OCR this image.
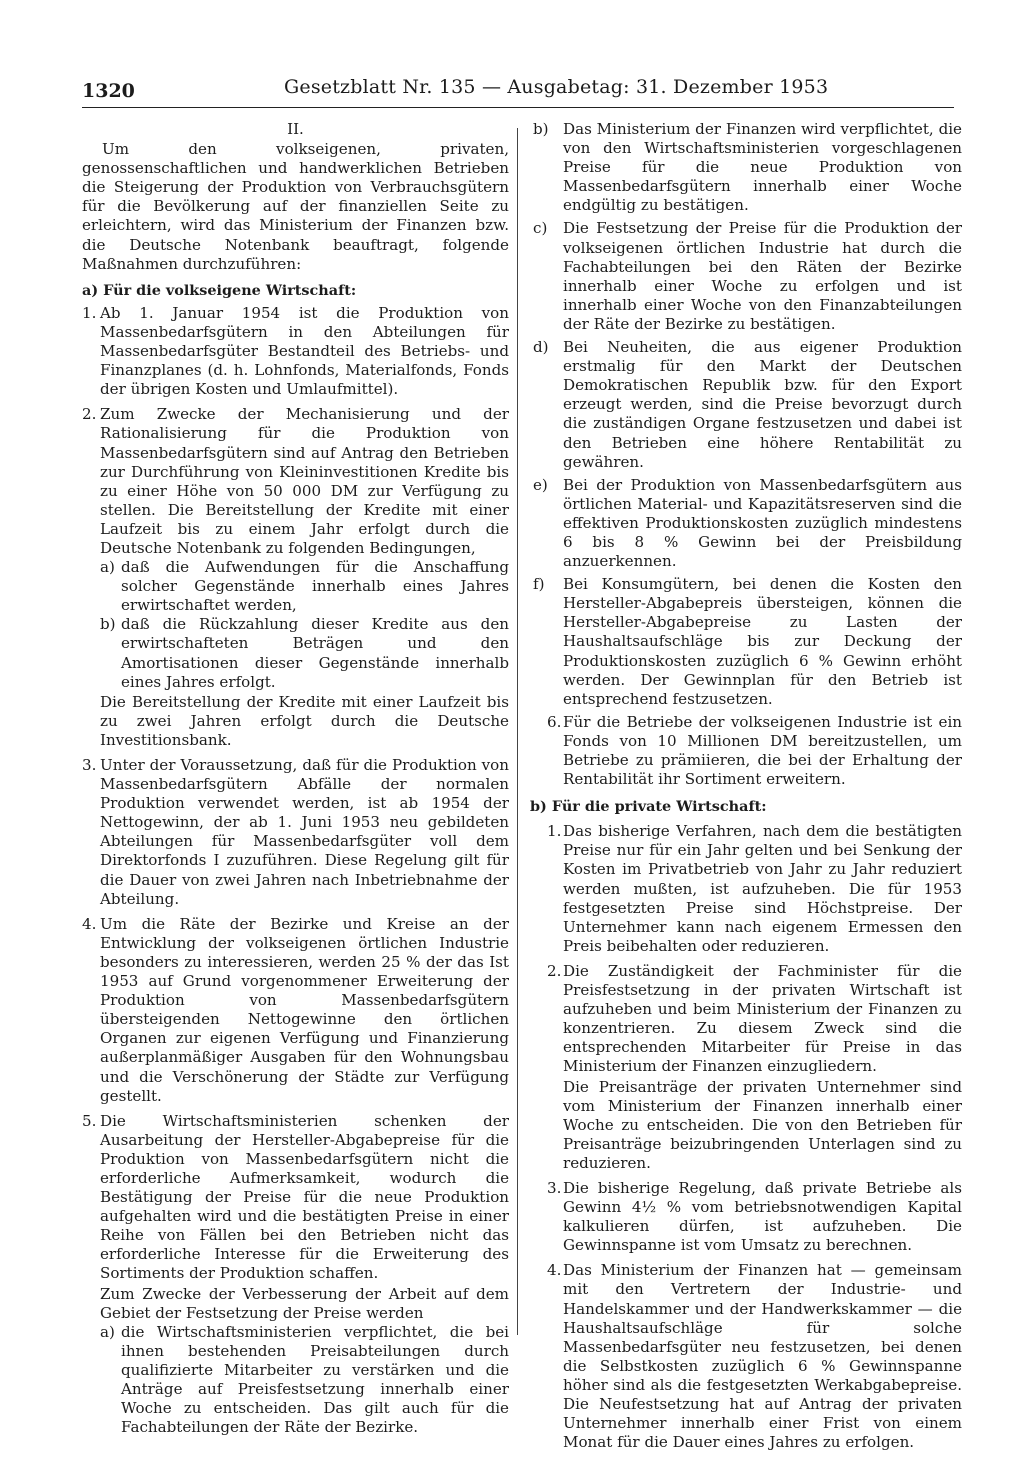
1320	Gesetzblatt Nr. 135 — Ausgabetag: 31. Dezember 1953

II.

Um den volkseigenen, privaten, genossenschaftlichen und handwerklichen Betrieben die Steigerung der Produktion von Verbrauchsgütern für die Bevölkerung auf der finanziellen Seite zu erleichtern, wird das Ministerium der Finanzen bzw. die Deutsche Notenbank beauftragt, folgende Maßnahmen durchzuführen:

a) Für die volkseigene Wirtschaft:

1. Ab 1. Januar 1954 ist die Produktion von Massenbedarfsgütern in den Abteilungen für Massenbedarfsgüter Bestandteil des Betriebs- und Finanzplanes (d. h. Lohnfonds, Materialfonds, Fonds der übrigen Kosten und Umlaufmittel).

2. Zum Zwecke der Mechanisierung und der Rationalisierung für die Produktion von Massenbedarfsgütern sind auf Antrag den Betrieben zur Durchführung von Kleininvestitionen Kredite bis zu einer Höhe von 50 000 DM zur Verfügung zu stellen. Die Bereitstellung der Kredite mit einer Laufzeit bis zu einem Jahr erfolgt durch die Deutsche Notenbank zu folgenden Bedingungen,

a) daß die Aufwendungen für die Anschaffung solcher Gegenstände innerhalb eines Jahres erwirtschaftet werden,
b) daß die Rückzahlung dieser Kredite aus den erwirtschafteten Beträgen und den Amortisationen dieser Gegenstände innerhalb eines Jahres erfolgt.

Die Bereitstellung der Kredite mit einer Laufzeit bis zu zwei Jahren erfolgt durch die Deutsche Investitionsbank.

3. Unter der Voraussetzung, daß für die Produktion von Massenbedarfsgütern Abfälle der normalen Produktion verwendet werden, ist ab 1954 der Nettogewinn, der ab 1. Juni 1953 neu gebildeten Abteilungen für Massenbedarfsgüter voll dem Direktorfonds I zuzuführen. Diese Regelung gilt für die Dauer von zwei Jahren nach Inbetriebnahme der Abteilung.

4. Um die Räte der Bezirke und Kreise an der Entwicklung der volkseigenen örtlichen Industrie besonders zu interessieren, werden 25 % der das Ist 1953 auf Grund vorgenommener Erweiterung der Produktion von Massenbedarfsgütern übersteigenden Nettogewinne den örtlichen Organen zur eigenen Verfügung und Finanzierung außerplanmäßiger Ausgaben für den Wohnungsbau und die Verschönerung der Städte zur Verfügung gestellt.

5. Die Wirtschaftsministerien schenken der Ausarbeitung der Hersteller-Abgabepreise für die Produktion von Massenbedarfsgütern nicht die erforderliche Aufmerksamkeit, wodurch die Bestätigung der Preise für die neue Produktion aufgehalten wird und die bestätigten Preise in einer Reihe von Fällen bei den Betrieben nicht das erforderliche Interesse für die Erweiterung des Sortiments der Produktion schaffen.

Zum Zwecke der Verbesserung der Arbeit auf dem Gebiet der Festsetzung der Preise werden

a) die Wirtschaftsministerien verpflichtet, die bei ihnen bestehenden Preisabteilungen durch qualifizierte Mitarbeiter zu verstärken und die Anträge auf Preisfestsetzung innerhalb einer Woche zu entscheiden. Das gilt auch für die Fachabteilungen der Räte der Bezirke.
b) Das Ministerium der Finanzen wird verpflichtet, die von den Wirtschaftsministerien vorgeschlagenen Preise für die neue Produktion von Massenbedarfsgütern innerhalb einer Woche endgültig zu bestätigen.
c)	Die Festsetzung der Preise für die Produktion der volkseigenen örtlichen Industrie hat durch die Fachabteilungen bei den Räten der Bezirke innerhalb einer Woche zu erfolgen und ist innerhalb einer Woche von den Finanzabteilungen der Räte der Bezirke zu bestätigen.
d) Bei Neuheiten, die aus eigener Produktion erstmalig für den Markt der Deutschen Demokratischen Republik bzw. für den Export erzeugt werden, sind die Preise bevorzugt durch die zuständigen Organe festzusetzen und dabei ist den Betrieben eine höhere Rentabilität zu gewähren.
e)	Bei der Produktion von Massenbedarfsgütern aus örtlichen Material- und Kapazitätsreserven sind die effektiven Produktionskosten zuzüglich mindestens 6 bis 8 % Gewinn bei der Preisbildung anzuerkennen.
f)	Bei Konsumgütern, bei denen die Kosten den Hersteller-Abgabepreis übersteigen, können die Hersteller-Abgabepreise zu Lasten der Haushaltsaufschläge bis zur Deckung der Produktionskosten zuzüglich 6 % Gewinn erhöht werden. Der Gewinnplan für den Betrieb ist entsprechend festzusetzen.
6. Für die Betriebe der volkseigenen Industrie ist ein Fonds von 10 Millionen DM bereitzustellen, um Betriebe zu prämiieren, die bei der Erhaltung der Rentabilität ihr Sortiment erweitern.

b) Für die private Wirtschaft:

1. Das bisherige Verfahren, nach dem die bestätigten Preise nur für ein Jahr gelten und bei Senkung der Kosten im Privatbetrieb von Jahr zu Jahr reduziert werden mußten, ist aufzuheben. Die für 1953 festgesetzten Preise sind Höchstpreise. Der Unternehmer kann nach eigenem Ermessen den Preis beibehalten oder reduzieren.

2. Die Zuständigkeit der Fachminister für die Preisfestsetzung in der privaten Wirtschaft ist aufzuheben und beim Ministerium der Finanzen zu konzentrieren. Zu diesem Zweck sind die entsprechenden Mitarbeiter für Preise in das Ministerium der Finanzen einzugliedern.

Die Preisanträge der privaten Unternehmer sind vom Ministerium der Finanzen innerhalb einer Woche zu entscheiden. Die von den Betrieben für Preisanträge beizubringenden Unterlagen sind zu reduzieren.

3. Die bisherige Regelung, daß private Betriebe als Gewinn 4½ % vom betriebsnotwendigen Kapital kalkulieren dürfen, ist aufzuheben. Die Gewinnspanne ist vom Umsatz zu berechnen.

4. Das Ministerium der Finanzen hat — gemeinsam mit den Vertretern der Industrie- und Handelskammer und der Handwerkskammer — die Haushaltsaufschläge für solche Massenbedarfsgüter neu festzusetzen, bei denen die Selbstkosten zuzüglich 6 % Gewinnspanne höher sind als die festgesetzten Werkabgabepreise. Die Neufestsetzung hat auf Antrag der privaten Unternehmer innerhalb einer Frist von einem Monat für die Dauer eines Jahres zu erfolgen.
